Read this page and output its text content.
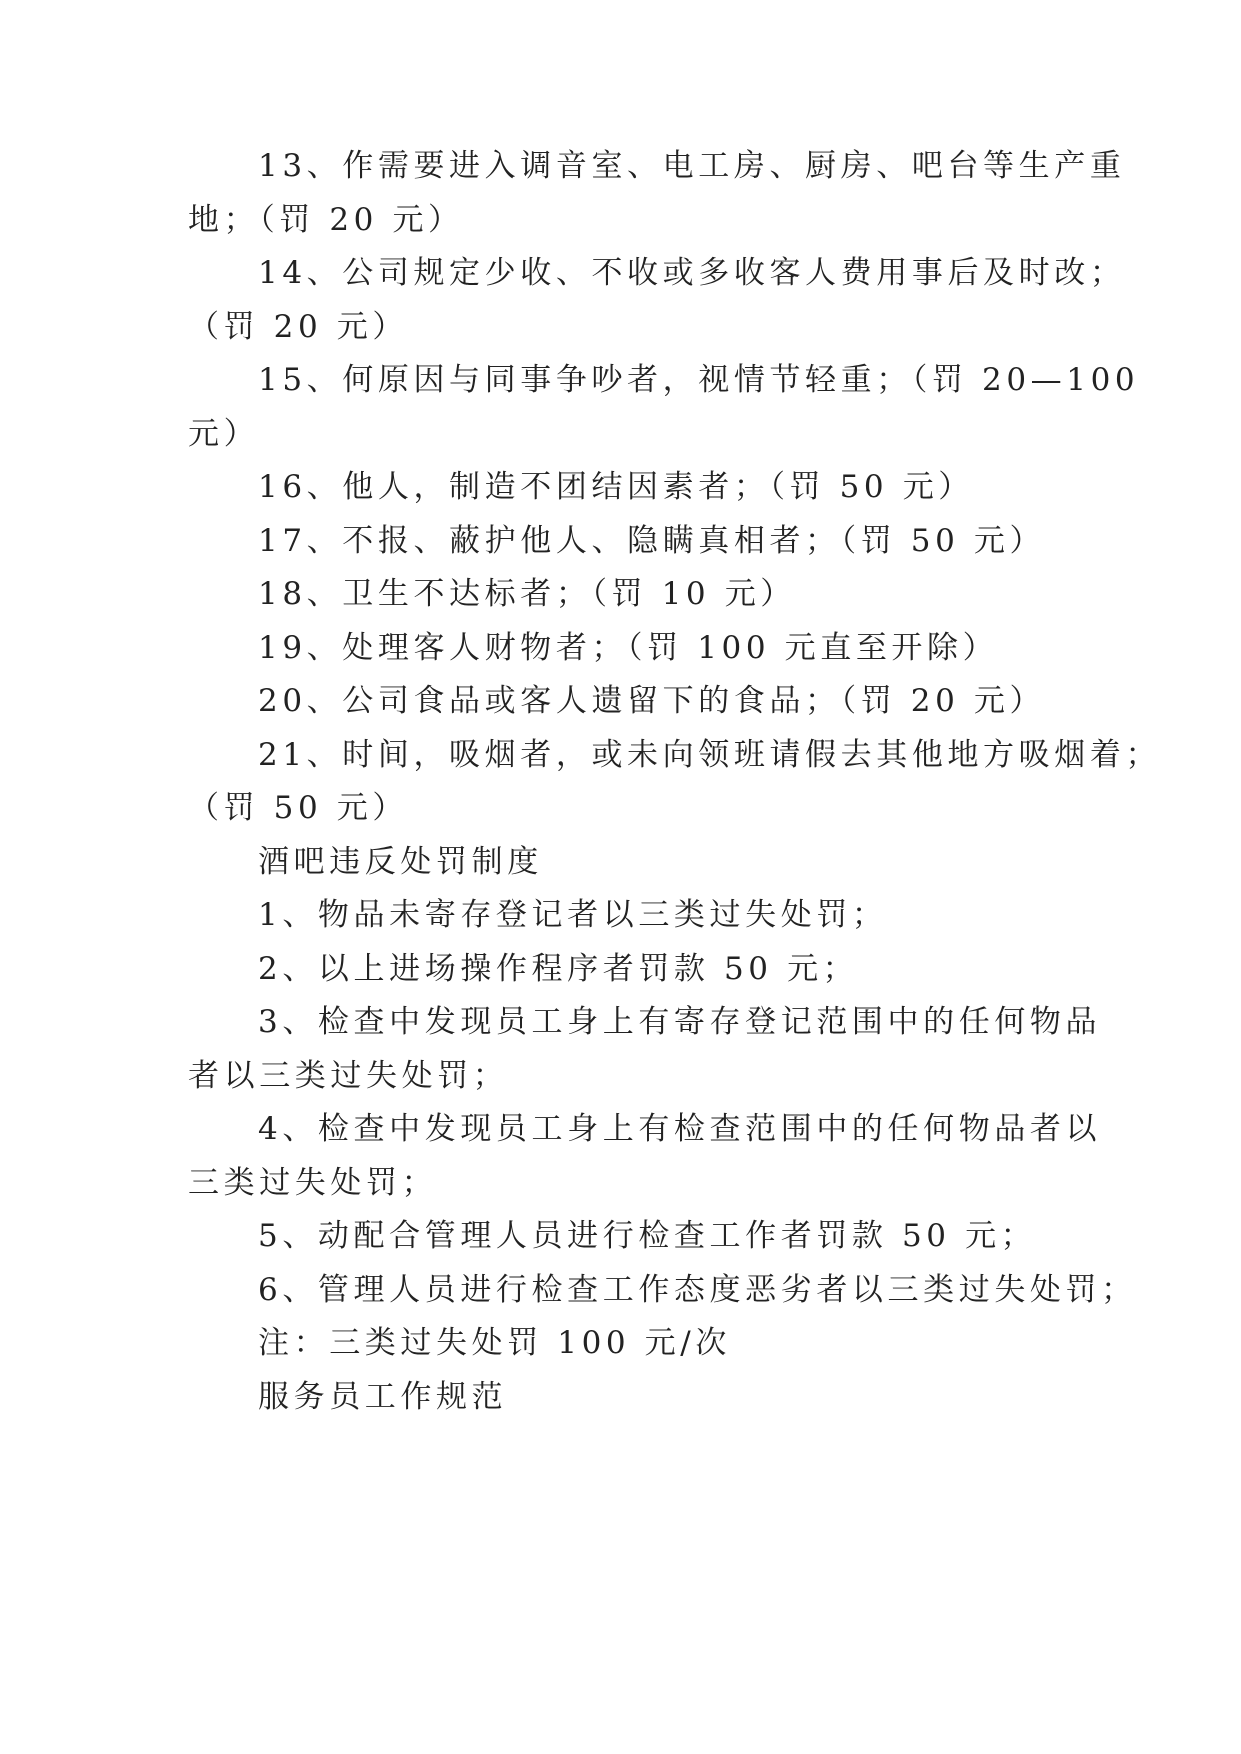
13、作需要进入调音室、电工房、厨房、吧台等生产重
地；（罚 20 元）
14、公司规定少收、不收或多收客人费用事后及时改；
（罚 20 元）
15、何原因与同事争吵者，视情节轻重；（罚 20—100
元）
16、他人，制造不团结因素者；（罚 50 元）
17、不报、蔽护他人、隐瞒真相者；（罚 50 元）
18、卫生不达标者；（罚 10 元）
19、处理客人财物者；（罚 100 元直至开除）
20、公司食品或客人遗留下的食品；（罚 20 元）
21、时间，吸烟者，或未向领班请假去其他地方吸烟着；
（罚 50 元）
酒吧违反处罚制度
1、物品未寄存登记者以三类过失处罚；
2、以上进场操作程序者罚款 50 元；
3、检查中发现员工身上有寄存登记范围中的任何物品
者以三类过失处罚；
4、检查中发现员工身上有检查范围中的任何物品者以
三类过失处罚；
5、动配合管理人员进行检查工作者罚款 50 元；
6、管理人员进行检查工作态度恶劣者以三类过失处罚；
注：三类过失处罚 100 元/次
服务员工作规范
